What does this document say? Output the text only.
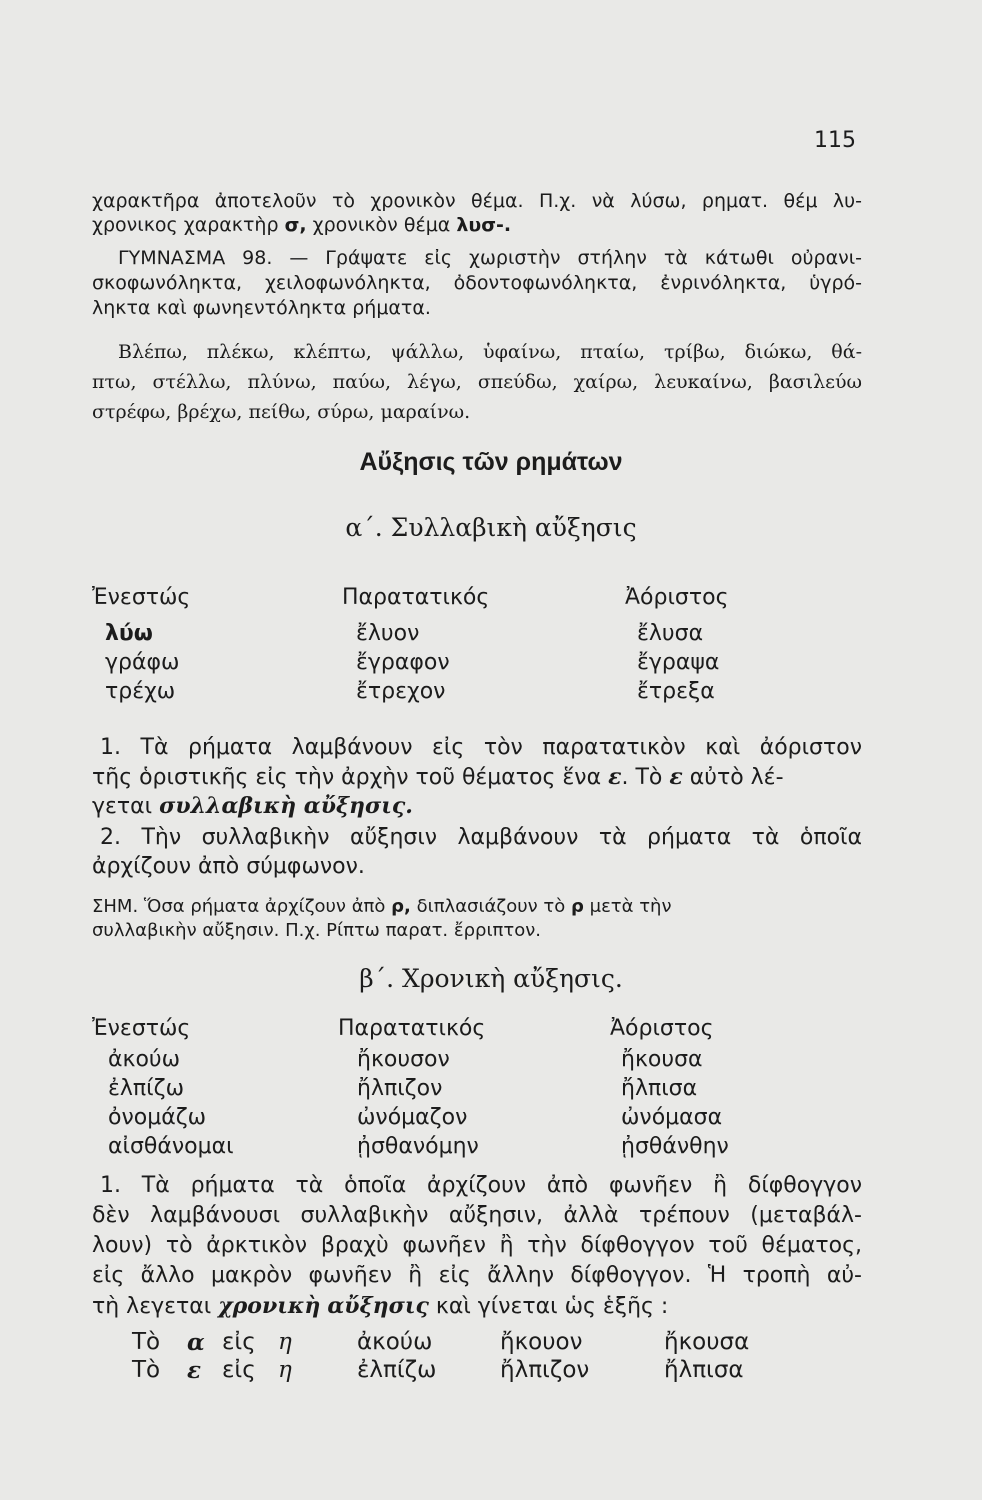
115
χαρακτῆρα ἀποτελοῦν τὸ χρονικὸν θέμα. Π.χ. νὰ λύσω, ρηματ. θέμ λυ-
χρονικος χαρακτὴρ σ, χρονικὸν θέμα λυσ-.
ΓΥΜΝΑΣΜΑ 98. — Γράψατε εἰς χωριστὴν στήλην τὰ κάτωθι οὐρανι-
σκοφωνόληκτα, χειλοφωνόληκτα, ὀδοντοφωνόληκτα, ἐνρινόληκτα, ὑγρό-
ληκτα καὶ φωνηεντόληκτα ρήματα.
Βλέπω, πλέκω, κλέπτω, ψάλλω, ὑφαίνω, πταίω, τρίβω, διώκω, θά-
πτω, στέλλω, πλύνω, παύω, λέγω, σπεύδω, χαίρω, λευκαίνω, βασιλεύω
στρέφω, βρέχω, πείθω, σύρω, μαραίνω.
Αὔξησις τῶν ρημάτων
α΄. Συλλαβικὴ αὔξησις
Ἐνεστώς	Παρατατικός	Ἀόριστος
λύω	ἔλυον	ἔλυσα
γράφω	ἔγραφον	ἔγραψα
τρέχω	ἔτρεχον	ἔτρεξα
1. Τὰ ρήματα λαμβάνουν εἰς τὸν παρατατικὸν καὶ ἀόριστον
τῆς ὁριστικῆς εἰς τὴν ἀρχὴν τοῦ θέματος ἕνα ε. Τὸ ε αὐτὸ λέ-
γεται συλλαβικὴ αὔξησις.
2. Τὴν συλλαβικὴν αὔξησιν λαμβάνουν τὰ ρήματα τὰ ὁποῖα
ἀρχίζουν ἀπὸ σύμφωνον.
ΣΗΜ. Ὅσα ρήματα ἀρχίζουν ἀπὸ ρ, διπλασιάζουν τὸ ρ μετὰ τὴν
συλλαβικὴν αὔξησιν. Π.χ. Ρίπτω παρατ. ἔρριπτον.
β΄. Χρονικὴ αὔξησις.
Ἐνεστώς	Παρατατικός	Ἀόριστος
ἀκούω	ἤκουσον	ἤκουσα
ἐλπίζω	ἤλπιζον	ἤλπισα
ὀνομάζω	ὠνόμαζον	ὠνόμασα
αἰσθάνομαι	ᾐσθανόμην	ᾐσθάνθην
1. Τὰ ρήματα τὰ ὁποῖα ἀρχίζουν ἀπὸ φωνῆεν ἢ δίφθογγον
δὲν λαμβάνουσι συλλαβικὴν αὔξησιν, ἀλλὰ τρέπουν (μεταβάλ-
λουν) τὸ ἀρκτικὸν βραχὺ φωνῆεν ἢ τὴν δίφθογγον τοῦ θέματος,
εἰς ἄλλο μακρὸν φωνῆεν ἢ εἰς ἄλλην δίφθογγον. Ἡ τροπὴ αὐ-
τὴ λεγεται χρονικὴ αὔξησις καὶ γίνεται ὡς ἑξῆς :
Τὸ α εἰς η	ἀκούω	ἤκουον	ἤκουσα
Τὸ ε εἰς η	ἐλπίζω	ἤλπιζον	ἤλπισα
